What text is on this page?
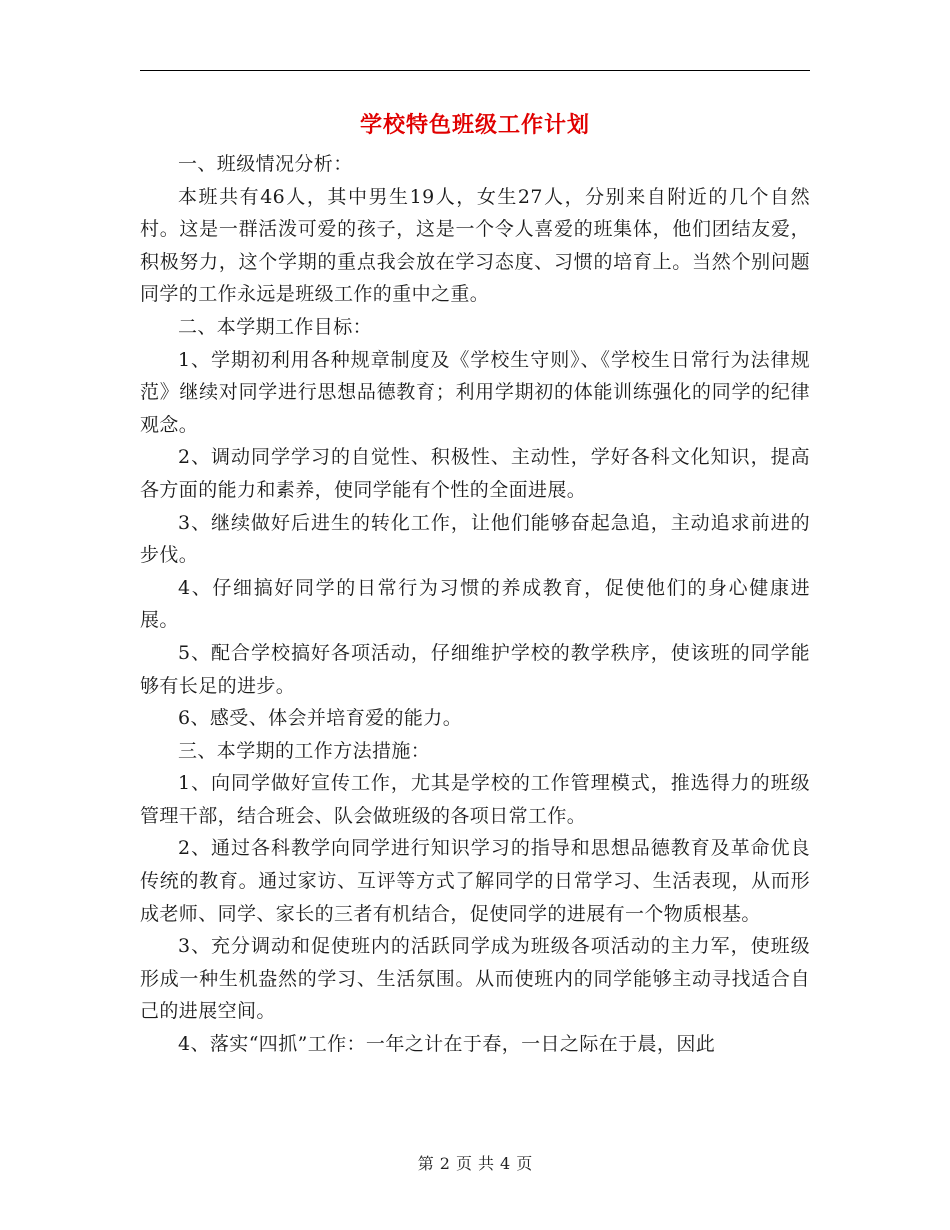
学校特色班级工作计划

一、班级情况分析：

本班共有46人，其中男生19人，女生27人，分别来自附近的几个自然村。这是一群活泼可爱的孩子，这是一个令人喜爱的班集体，他们团结友爱，积极努力，这个学期的重点我会放在学习态度、习惯的培育上。当然个别问题同学的工作永远是班级工作的重中之重。

二、本学期工作目标：

1、学期初利用各种规章制度及《学校生守则》、《学校生日常行为法律规范》继续对同学进行思想品德教育；利用学期初的体能训练强化的同学的纪律观念。

2、调动同学学习的自觉性、积极性、主动性，学好各科文化知识，提高各方面的能力和素养，使同学能有个性的全面进展。

3、继续做好后进生的转化工作，让他们能够奋起急追，主动追求前进的步伐。

4、仔细搞好同学的日常行为习惯的养成教育，促使他们的身心健康进展。

5、配合学校搞好各项活动，仔细维护学校的教学秩序，使该班的同学能够有长足的进步。

6、感受、体会并培育爱的能力。

三、本学期的工作方法措施：

1、向同学做好宣传工作，尤其是学校的工作管理模式，推选得力的班级管理干部，结合班会、队会做班级的各项日常工作。

2、通过各科教学向同学进行知识学习的指导和思想品德教育及革命优良传统的教育。通过家访、互评等方式了解同学的日常学习、生活表现，从而形成老师、同学、家长的三者有机结合，促使同学的进展有一个物质根基。

3、充分调动和促使班内的活跃同学成为班级各项活动的主力军，使班级形成一种生机盎然的学习、生活氛围。从而使班内的同学能够主动寻找适合自己的进展空间。

4、落实“四抓”工作：一年之计在于春，一日之际在于晨，因此

第 2 页 共 4 页
